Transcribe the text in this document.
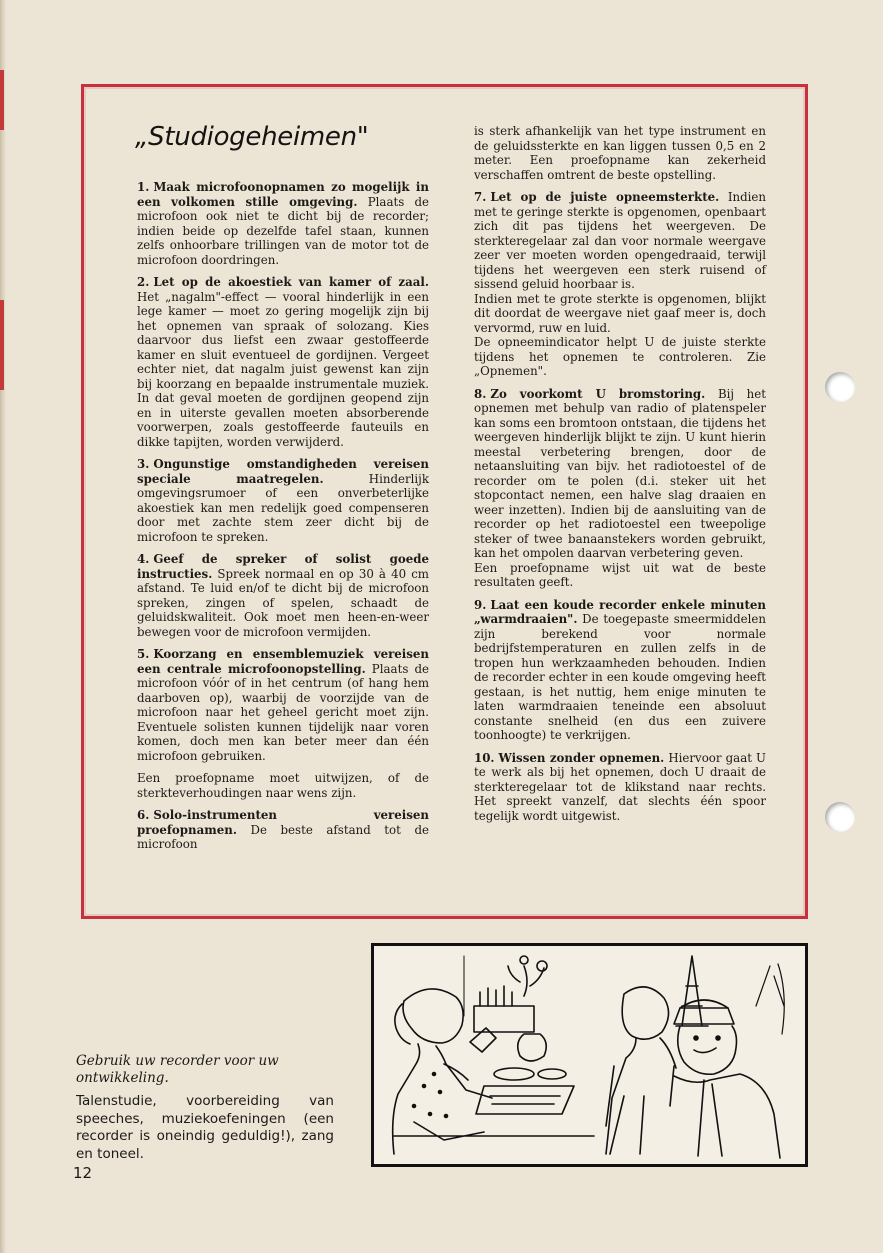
„Studiogeheimen"

1. Maak microfoonopnamen zo mogelijk in een volkomen stille omgeving. Plaats de microfoon ook niet te dicht bij de recorder; indien beide op dezelfde tafel staan, kunnen zelfs onhoorbare trillingen van de motor tot de microfoon doordringen.

2. Let op de akoestiek van kamer of zaal. Het „nagalm"-effect — vooral hinderlijk in een lege kamer — moet zo gering mogelijk zijn bij het opnemen van spraak of solozang. Kies daarvoor dus liefst een zwaar gestoffeerde kamer en sluit eventueel de gordijnen. Vergeet echter niet, dat nagalm juist gewenst kan zijn bij koorzang en bepaalde instrumentale muziek. In dat geval moeten de gordijnen geopend zijn en in uiterste gevallen moeten absorberende voorwerpen, zoals gestoffeerde fauteuils en dikke tapijten, worden verwijderd.

3. Ongunstige omstandigheden vereisen speciale maatregelen. Hinderlijk omgevingsrumoer of een onverbeterlijke akoestiek kan men redelijk goed compenseren door met zachte stem zeer dicht bij de microfoon te spreken.

4. Geef de spreker of solist goede instructies. Spreek normaal en op 30 à 40 cm afstand. Te luid en/of te dicht bij de microfoon spreken, zingen of spelen, schaadt de geluidskwaliteit. Ook moet men heen-en-weer bewegen voor de microfoon vermijden.

5. Koorzang en ensemblemuziek vereisen een centrale microfoonopstelling. Plaats de microfoon vóór of in het centrum (of hang hem daarboven op), waarbij de voorzijde van de microfoon naar het geheel gericht moet zijn. Eventuele solisten kunnen tijdelijk naar voren komen, doch men kan beter meer dan één microfoon gebruiken.

Een proefopname moet uitwijzen, of de sterkteverhoudingen naar wens zijn.

6. Solo-instrumenten vereisen proefopnamen. De beste afstand tot de microfoon

is sterk afhankelijk van het type instrument en de geluidssterkte en kan liggen tussen 0,5 en 2 meter. Een proefopname kan zekerheid verschaffen omtrent de beste opstelling.

7. Let op de juiste opneemsterkte. Indien met te geringe sterkte is opgenomen, openbaart zich dit pas tijdens het weergeven. De sterkteregelaar zal dan voor normale weergave zeer ver moeten worden opengedraaid, terwijl tijdens het weergeven een sterk ruisend of sissend geluid hoorbaar is.

Indien met te grote sterkte is opgenomen, blijkt dit doordat de weergave niet gaaf meer is, doch vervormd, ruw en luid.

De opneemindicator helpt U de juiste sterkte tijdens het opnemen te controleren. Zie „Opnemen".

8. Zo voorkomt U bromstoring. Bij het opnemen met behulp van radio of platenspeler kan soms een bromtoon ontstaan, die tijdens het weergeven hinderlijk blijkt te zijn. U kunt hierin meestal verbetering brengen, door de netaansluiting van bijv. het radiotoestel of de recorder om te polen (d.i. steker uit het stopcontact nemen, een halve slag draaien en weer inzetten). Indien bij de aansluiting van de recorder op het radiotoestel een tweepolige steker of twee banaanstekers worden gebruikt, kan het ompolen daarvan verbetering geven.

Een proefopname wijst uit wat de beste resultaten geeft.

9. Laat een koude recorder enkele minuten „warmdraaien". De toegepaste smeermiddelen zijn berekend voor normale bedrijfstemperaturen en zullen zelfs in de tropen hun werkzaamheden behouden. Indien de recorder echter in een koude omgeving heeft gestaan, is het nuttig, hem enige minuten te laten warmdraaien teneinde een absoluut constante snelheid (en dus een zuivere toonhoogte) te verkrijgen.

10. Wissen zonder opnemen. Hiervoor gaat U te werk als bij het opnemen, doch U draait de sterkteregelaar tot de klikstand naar rechts. Het spreekt vanzelf, dat slechts één spoor tegelijk wordt uitgewist.

Gebruik uw recorder voor uw ontwikkeling.

Talenstudie, voorbereiding van speeches, muziekoefeningen (een recorder is oneindig geduldig!), zang en toneel.

12
